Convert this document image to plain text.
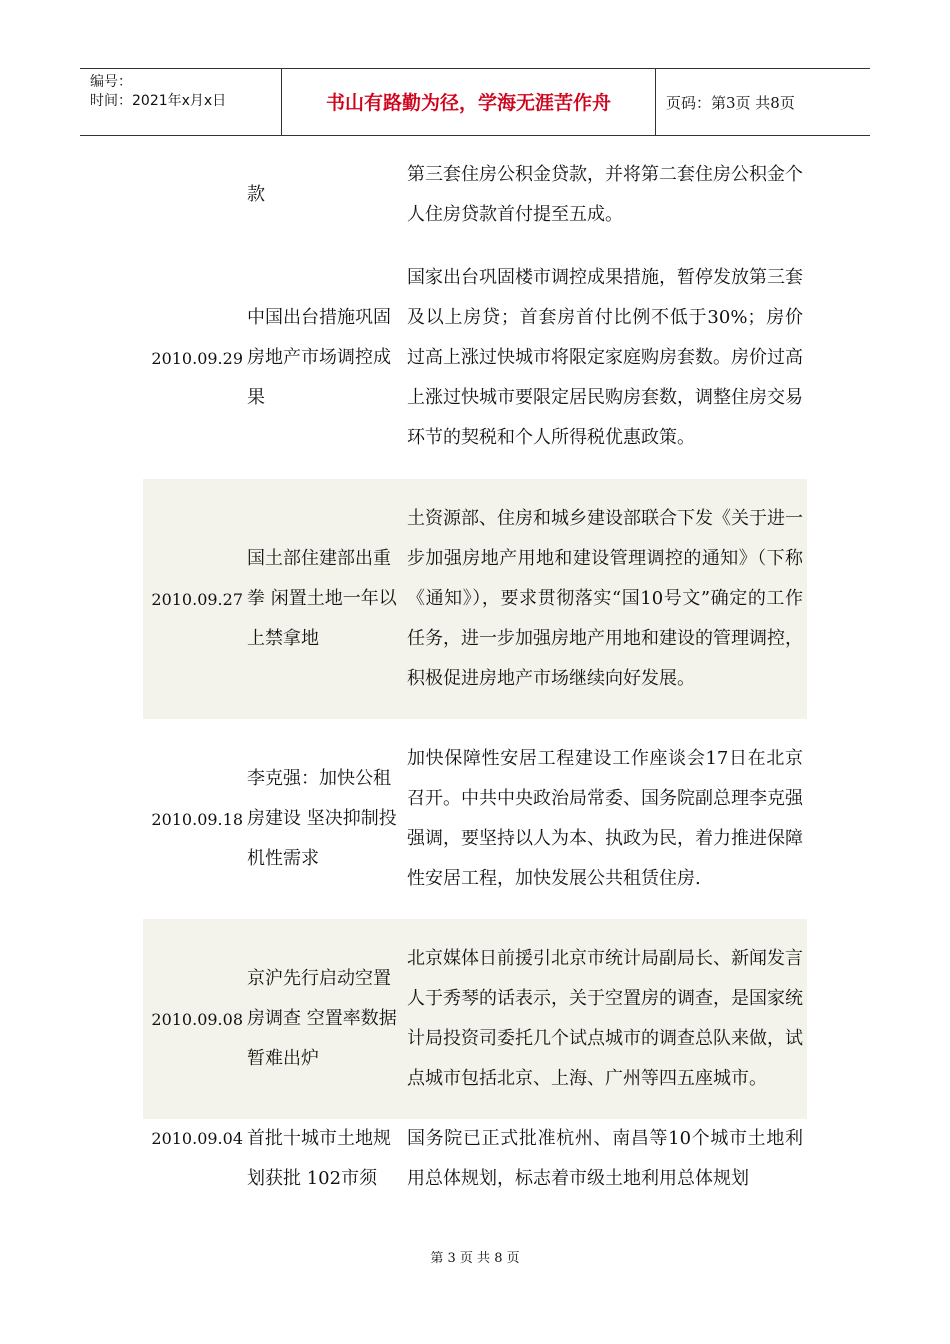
编号：
时间：2021年x月x日	书山有路勤为径，学海无涯苦作舟	页码：第3页 共8页
款
第三套住房公积金贷款，并将第二套住房公积金个人住房贷款首付提至五成。
2010.09.29
中国出台措施巩固房地产市场调控成果
国家出台巩固楼市调控成果措施，暂停发放第三套及以上房贷；首套房首付比例不低于30%；房价过高上涨过快城市将限定家庭购房套数。房价过高上涨过快城市要限定居民购房套数，调整住房交易环节的契税和个人所得税优惠政策。
2010.09.27
国土部住建部出重拳 闲置土地一年以上禁拿地
土资源部、住房和城乡建设部联合下发《关于进一步加强房地产用地和建设管理调控的通知》（下称《通知》），要求贯彻落实“国10号文”确定的工作任务，进一步加强房地产用地和建设的管理调控，积极促进房地产市场继续向好发展。
2010.09.18
李克强：加快公租房建设 坚决抑制投机性需求
加快保障性安居工程建设工作座谈会17日在北京召开。中共中央政治局常委、国务院副总理李克强强调，要坚持以人为本、执政为民，着力推进保障性安居工程，加快发展公共租赁住房.
2010.09.08
京沪先行启动空置房调查 空置率数据暂难出炉
北京媒体日前援引北京市统计局副局长、新闻发言人于秀琴的话表示，关于空置房的调查，是国家统计局投资司委托几个试点城市的调查总队来做，试点城市包括北京、上海、广州等四五座城市。
2010.09.04 首批十城市土地规划获批 102市须
国务院已正式批准杭州、南昌等10个城市土地利用总体规划，标志着市级土地利用总体规划
第 3 页 共 8 页
